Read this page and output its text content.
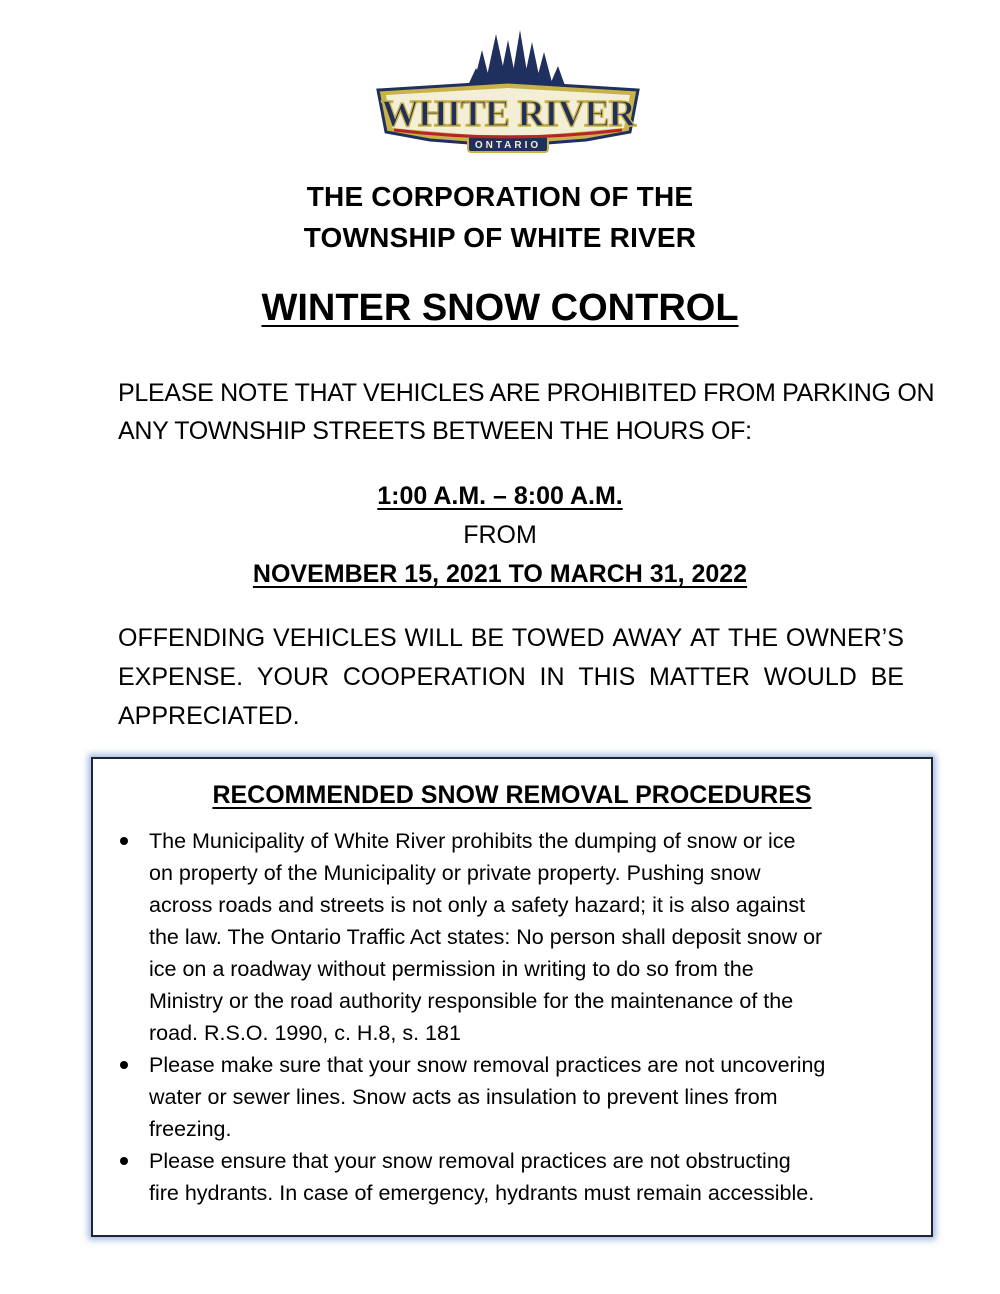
WHITE RIVER
ONTARIO
THE CORPORATION OF THE
TOWNSHIP OF WHITE RIVER
WINTER SNOW CONTROL
PLEASE NOTE THAT VEHICLES ARE PROHIBITED FROM PARKING ON
ANY TOWNSHIP STREETS BETWEEN THE HOURS OF:
1:00 A.M. – 8:00 A.M.
FROM
NOVEMBER 15, 2021 TO MARCH 31, 2022
OFFENDING VEHICLES WILL BE TOWED AWAY AT THE OWNER’S
EXPENSE. YOUR COOPERATION IN THIS MATTER WOULD BE
APPRECIATED.
RECOMMENDED SNOW REMOVAL PROCEDURES
The Municipality of White River prohibits the dumping of snow or ice
on property of the Municipality or private property. Pushing snow
across roads and streets is not only a safety hazard; it is also against
the law. The Ontario Traffic Act states: No person shall deposit snow or
ice on a roadway without permission in writing to do so from the
Ministry or the road authority responsible for the maintenance of the
road. R.S.O. 1990, c. H.8, s. 181
Please make sure that your snow removal practices are not uncovering
water or sewer lines. Snow acts as insulation to prevent lines from
freezing.
Please ensure that your snow removal practices are not obstructing
fire hydrants. In case of emergency, hydrants must remain accessible.
